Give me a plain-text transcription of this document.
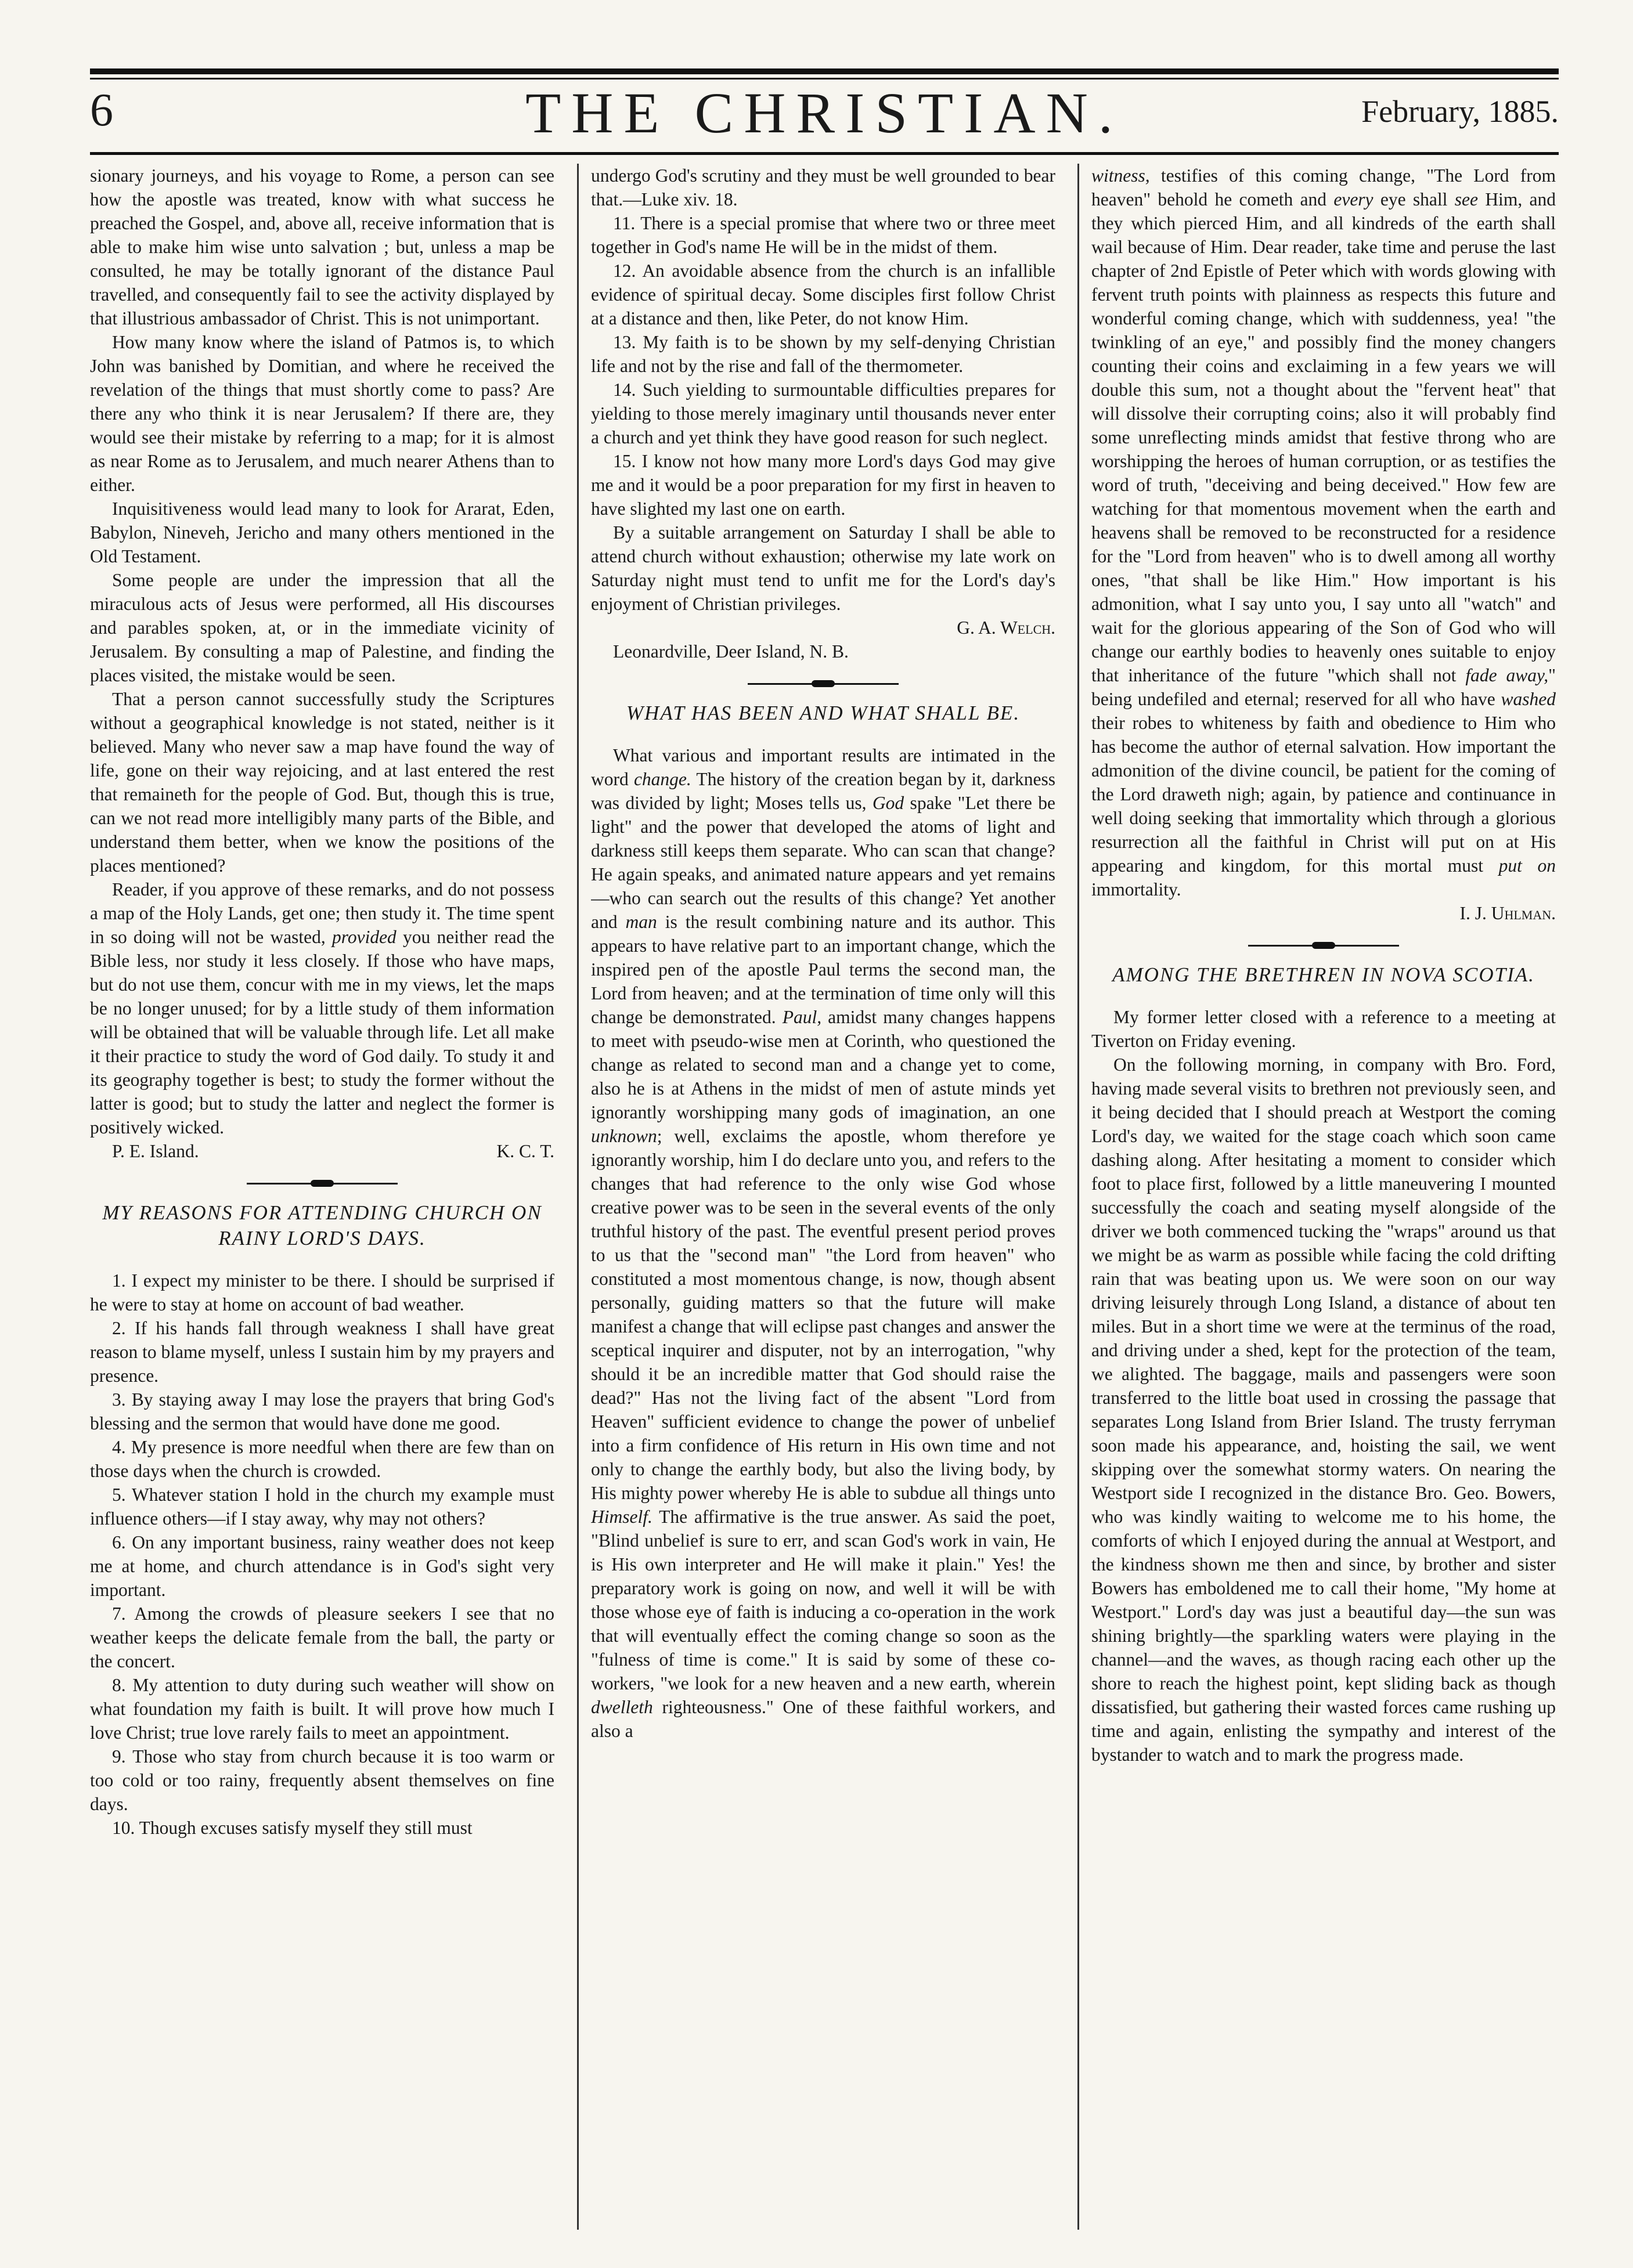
6	THE CHRISTIAN.	February, 1885.

sionary journeys, and his voyage to Rome, a person can see how the apostle was treated, know with what success he preached the Gospel, and, above all, receive information that is able to make him wise unto salvation ; but, unless a map be consulted, he may be totally ignorant of the distance Paul travelled, and consequently fail to see the activity displayed by that illustrious ambassador of Christ. This is not unimportant.

How many know where the island of Patmos is, to which John was banished by Domitian, and where he received the revelation of the things that must shortly come to pass? Are there any who think it is near Jerusalem? If there are, they would see their mistake by referring to a map; for it is almost as near Rome as to Jerusalem, and much nearer Athens than to either.

Inquisitiveness would lead many to look for Ararat, Eden, Babylon, Nineveh, Jericho and many others mentioned in the Old Testament.

Some people are under the impression that all the miraculous acts of Jesus were performed, all His discourses and parables spoken, at, or in the immediate vicinity of Jerusalem. By consulting a map of Palestine, and finding the places visited, the mistake would be seen.

That a person cannot successfully study the Scriptures without a geographical knowledge is not stated, neither is it believed. Many who never saw a map have found the way of life, gone on their way rejoicing, and at last entered the rest that remaineth for the people of God. But, though this is true, can we not read more intelligibly many parts of the Bible, and understand them better, when we know the positions of the places mentioned?

Reader, if you approve of these remarks, and do not possess a map of the Holy Lands, get one; then study it. The time spent in so doing will not be wasted, provided you neither read the Bible less, nor study it less closely. If those who have maps, but do not use them, concur with me in my views, let the maps be no longer unused; for by a little study of them information will be obtained that will be valuable through life. Let all make it their practice to study the word of God daily. To study it and its geography together is best; to study the former without the latter is good; but to study the latter and neglect the former is positively wicked.

P. E. Island.	K. C. T.
MY REASONS FOR ATTENDING CHURCH ON RAINY LORD'S DAYS.

1. I expect my minister to be there. I should be surprised if he were to stay at home on account of bad weather.

2. If his hands fall through weakness I shall have great reason to blame myself, unless I sustain him by my prayers and presence.

3. By staying away I may lose the prayers that bring God's blessing and the sermon that would have done me good.

4. My presence is more needful when there are few than on those days when the church is crowded.

5. Whatever station I hold in the church my example must influence others—if I stay away, why may not others?

6. On any important business, rainy weather does not keep me at home, and church attendance is in God's sight very important.

7. Among the crowds of pleasure seekers I see that no weather keeps the delicate female from the ball, the party or the concert.

8. My attention to duty during such weather will show on what foundation my faith is built. It will prove how much I love Christ; true love rarely fails to meet an appointment.

9. Those who stay from church because it is too warm or too cold or too rainy, frequently absent themselves on fine days.

10. Though excuses satisfy myself they still must

undergo God's scrutiny and they must be well grounded to bear that.—Luke xiv. 18.

11. There is a special promise that where two or three meet together in God's name He will be in the midst of them.

12. An avoidable absence from the church is an infallible evidence of spiritual decay. Some disciples first follow Christ at a distance and then, like Peter, do not know Him.

13. My faith is to be shown by my self-denying Christian life and not by the rise and fall of the thermometer.

14. Such yielding to surmountable difficulties prepares for yielding to those merely imaginary until thousands never enter a church and yet think they have good reason for such neglect.

15. I know not how many more Lord's days God may give me and it would be a poor preparation for my first in heaven to have slighted my last one on earth.

By a suitable arrangement on Saturday I shall be able to attend church without exhaustion; otherwise my late work on Saturday night must tend to unfit me for the Lord's day's enjoyment of Christian privileges.

G. A. Welch.

Leonardville, Deer Island, N. B.

WHAT HAS BEEN AND WHAT SHALL BE.

What various and important results are intimated in the word change. The history of the creation began by it, darkness was divided by light; Moses tells us, God spake "Let there be light" and the power that developed the atoms of light and darkness still keeps them separate. Who can scan that change? He again speaks, and animated nature appears and yet remains—who can search out the results of this change? Yet another and man is the result combining nature and its author. This appears to have relative part to an important change, which the inspired pen of the apostle Paul terms the second man, the Lord from heaven; and at the termination of time only will this change be demonstrated. Paul, amidst many changes happens to meet with pseudo-wise men at Corinth, who questioned the change as related to second man and a change yet to come, also he is at Athens in the midst of men of astute minds yet ignorantly worshipping many gods of imagination, an one unknown; well, exclaims the apostle, whom therefore ye ignorantly worship, him I do declare unto you, and refers to the changes that had reference to the only wise God whose creative power was to be seen in the several events of the only truthful history of the past. The eventful present period proves to us that the "second man" "the Lord from heaven" who constituted a most momentous change, is now, though absent personally, guiding matters so that the future will make manifest a change that will eclipse past changes and answer the sceptical inquirer and disputer, not by an interrogation, "why should it be an incredible matter that God should raise the dead?" Has not the living fact of the absent "Lord from Heaven" sufficient evidence to change the power of unbelief into a firm confidence of His return in His own time and not only to change the earthly body, but also the living body, by His mighty power whereby He is able to subdue all things unto Himself. The affirmative is the true answer. As said the poet, "Blind unbelief is sure to err, and scan God's work in vain, He is His own interpreter and He will make it plain." Yes! the preparatory work is going on now, and well it will be with those whose eye of faith is inducing a co-operation in the work that will eventually effect the coming change so soon as the "fulness of time is come." It is said by some of these co-workers, "we look for a new heaven and a new earth, wherein dwelleth righteousness." One of these faithful workers, and also a

witness, testifies of this coming change, "The Lord from heaven" behold he cometh and every eye shall see Him, and they which pierced Him, and all kindreds of the earth shall wail because of Him. Dear reader, take time and peruse the last chapter of 2nd Epistle of Peter which with words glowing with fervent truth points with plainness as respects this future and wonderful coming change, which with suddenness, yea! "the twinkling of an eye," and possibly find the money changers counting their coins and exclaiming in a few years we will double this sum, not a thought about the "fervent heat" that will dissolve their corrupting coins; also it will probably find some unreflecting minds amidst that festive throng who are worshipping the heroes of human corruption, or as testifies the word of truth, "deceiving and being deceived." How few are watching for that momentous movement when the earth and heavens shall be removed to be reconstructed for a residence for the "Lord from heaven" who is to dwell among all worthy ones, "that shall be like Him." How important is his admonition, what I say unto you, I say unto all "watch" and wait for the glorious appearing of the Son of God who will change our earthly bodies to heavenly ones suitable to enjoy that inheritance of the future "which shall not fade away," being undefiled and eternal; reserved for all who have washed their robes to whiteness by faith and obedience to Him who has become the author of eternal salvation. How important the admonition of the divine council, be patient for the coming of the Lord draweth nigh; again, by patience and continuance in well doing seeking that immortality which through a glorious resurrection all the faithful in Christ will put on at His appearing and kingdom, for this mortal must put on immortality.

I. J. Uhlman.
AMONG THE BRETHREN IN NOVA SCOTIA.

My former letter closed with a reference to a meeting at Tiverton on Friday evening.

On the following morning, in company with Bro. Ford, having made several visits to brethren not previously seen, and it being decided that I should preach at Westport the coming Lord's day, we waited for the stage coach which soon came dashing along. After hesitating a moment to consider which foot to place first, followed by a little maneuvering I mounted successfully the coach and seating myself alongside of the driver we both commenced tucking the "wraps" around us that we might be as warm as possible while facing the cold drifting rain that was beating upon us. We were soon on our way driving leisurely through Long Island, a distance of about ten miles. But in a short time we were at the terminus of the road, and driving under a shed, kept for the protection of the team, we alighted. The baggage, mails and passengers were soon transferred to the little boat used in crossing the passage that separates Long Island from Brier Island. The trusty ferryman soon made his appearance, and, hoisting the sail, we went skipping over the somewhat stormy waters. On nearing the Westport side I recognized in the distance Bro. Geo. Bowers, who was kindly waiting to welcome me to his home, the comforts of which I enjoyed during the annual at Westport, and the kindness shown me then and since, by brother and sister Bowers has emboldened me to call their home, "My home at Westport." Lord's day was just a beautiful day—the sun was shining brightly—the sparkling waters were playing in the channel—and the waves, as though racing each other up the shore to reach the highest point, kept sliding back as though dissatisfied, but gathering their wasted forces came rushing up time and again, enlisting the sympathy and interest of the bystander to watch and to mark the progress made.
